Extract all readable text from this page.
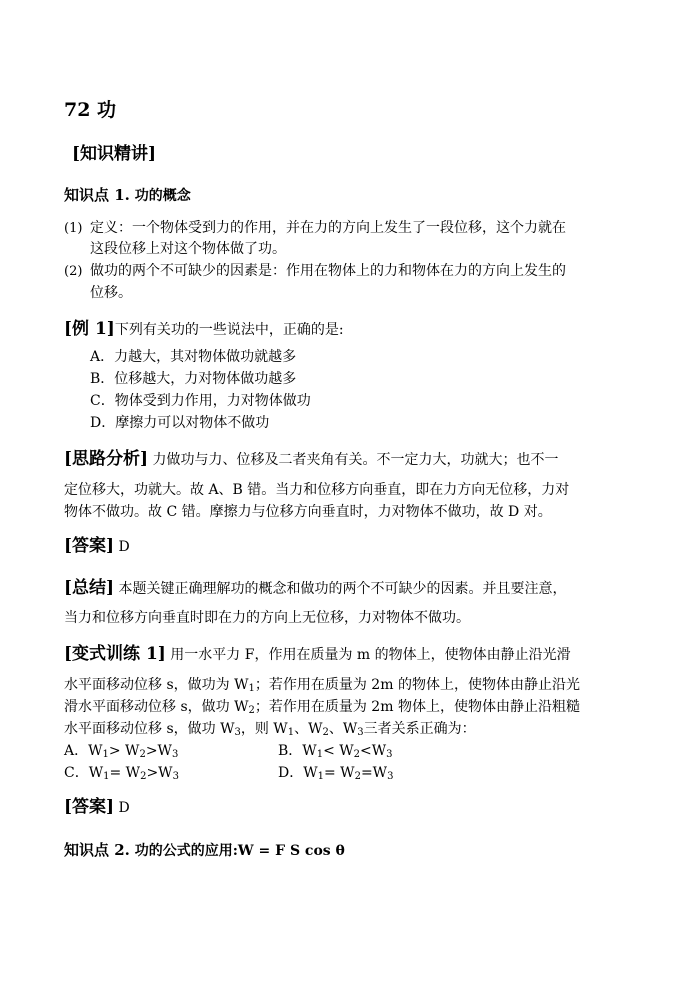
72 功
[知识精讲]
知识点 1. 功的概念
(1) 定义：一个物体受到力的作用，并在力的方向上发生了一段位移，这个力就在
这段位移上对这个物体做了功。
(2) 做功的两个不可缺少的因素是：作用在物体上的力和物体在力的方向上发生的
位移。
[例 1]下列有关功的一些说法中，正确的是:
A．力越大，其对物体做功就越多
B．位移越大，力对物体做功越多
C．物体受到力作用，力对物体做功
D．摩擦力可以对物体不做功
[思路分析] 力做功与力、位移及二者夹角有关。不一定力大，功就大；也不一
定位移大，功就大。故 A、B 错。当力和位移方向垂直，即在力方向无位移，力对
物体不做功。故 C 错。摩擦力与位移方向垂直时，力对物体不做功，故 D 对。
[答案] D
[总结] 本题关键正确理解功的概念和做功的两个不可缺少的因素。并且要注意，
当力和位移方向垂直时即在力的方向上无位移，力对物体不做功。
[变式训练 1] 用一水平力 F，作用在质量为 m 的物体上，使物体由静止沿光滑
水平面移动位移 s，做功为 $W_1$；若作用在质量为 2m 的物体上，使物体由静止沿光
滑水平面移动位移 s，做功 $W_2$；若作用在质量为 2m 物体上，使物体由静止沿粗糙
水平面移动位移 s，做功 $W_3$，则 $W_1$、$W_2$、$W_3$三者关系正确为：
A．$W_1> W_2>W_3$	B．$W_1< W_2<W_3$
C．$W_1= W_2>W_3$	D．$W_1= W_2=W_3$
[答案] D
知识点 2. 功的公式的应用:W = F S cos θ
